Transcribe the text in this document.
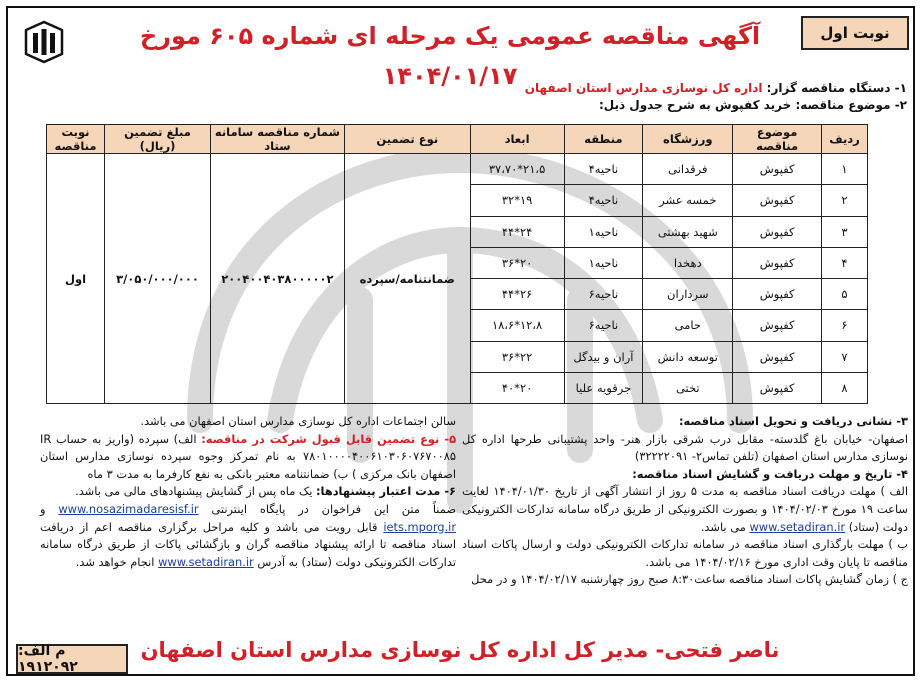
نوبت اول
آگهی مناقصه عمومی یک مرحله ای شماره ۶۰۵ مورخ ۱۴۰۴/۰۱/۱۷	۱- دستگاه مناقصه گزار: اداره کل نوسازی مدارس استان اصفهان
۲- موضوع مناقصه: خرید کفپوش به شرح جدول ذیل:
ردیف	موضوع مناقصه	ورزشگاه	منطقه	ابعاد	نوع تضمین	شماره مناقصه سامانه ستاد	مبلغ تضمین (ریال)	نوبت مناقصه
۱	کفپوش	فرقدانی	ناحیه۴	۲۱،۵*۳۷،۷۰	ضمانتنامه/سپرده	۲۰۰۴۰۰۴۰۳۸۰۰۰۰۰۲	۳/۰۵۰/۰۰۰/۰۰۰	اول
۲	کفپوش	خمسه عشر	ناحیه۴	۱۹*۳۲				
۳	کفپوش	شهید بهشتی	ناحیه۱	۲۴*۴۴				
۴	کفپوش	دهخدا	ناحیه۱	۲۰*۳۶				
۵	کفپوش	سرداران	ناحیه۶	۲۶*۴۴				
۶	کفپوش	حامی	ناحیه۶	۱۲،۸*۱۸،۶				
۷	کفپوش	توسعه دانش	آران و بیدگل	۲۲*۳۶				
۸	کفپوش	تختی	جرقویه علیا	۲۰*۴۰				

۳- نشانی دریافت و تحویل اسناد مناقصه:

اصفهان- خیابان باغ گلدسته- مقابل درب شرقی بازار هنر- واحد پشتیبانی طرحها اداره کل نوسازی مدارس استان اصفهان (تلفن تماس۲- ۳۲۲۲۲۰۹۱)

۴- تاریخ و مهلت دریافت و گشایش اسناد مناقصه:

الف ) مهلت دریافت اسناد مناقصه به مدت ۵ روز از انتشار آگهی از تاریخ ۱۴۰۴/۰۱/۳۰ لغایت ساعت ۱۹ مورخ ۱۴۰۴/۰۲/۰۳ و بصورت الکترونیکی از طریق درگاه سامانه تدارکات الکترونیکی دولت (ستاد) www.setadiran.ir می باشد.

ب ) مهلت بارگذاری اسناد مناقصه در سامانه تدارکات الکترونیکی دولت و ارسال پاکات اسناد مناقصه تا پایان وقت اداری مورخ ۱۴۰۴/۰۲/۱۶ می باشد.

ج ) زمان گشایش پاکات اسناد مناقصه ساعت۸:۳۰ صبح روز چهارشنبه ۱۴۰۴/۰۲/۱۷ و در محل

سالن اجتماعات اداره کل نوسازی مدارس استان اصفهان می باشد.

۵- نوع تضمین قابل قبول شرکت در مناقصه: الف) سپرده (واریز به حساب IR ۷۸۰۱۰۰۰۰۴۰۰۶۱۰۳۰۶۰۷۶۷۰۰۸۵ به نام تمرکز وجوه سپرده نوسازی مدارس استان اصفهان بانک مرکزی ) ب) ضمانتنامه معتبر بانکی به نفع کارفرما به مدت ۳ ماه

۶- مدت اعتبار پیشنهادها: یک ماه پس از گشایش پیشنهادهای مالی می باشد.

ضمناً متن این فراخوان در پایگاه اینترنتی www.nosazimadaresisf.ir و iets.mporg.ir قابل رویت می باشد و کلیه مراحل برگزاری مناقصه اعم از دریافت اسناد مناقصه تا ارائه پیشنهاد مناقصه گران و بازگشائی پاکات از طریق درگاه سامانه تدارکات الکترونیکی دولت (ستاد) به آدرس www.setadiran.ir انجام خواهد شد.

ناصر فتحی- مدیر کل اداره کل نوسازی مدارس استان اصفهان
م الف: ۱۹۱۲۰۹۲
